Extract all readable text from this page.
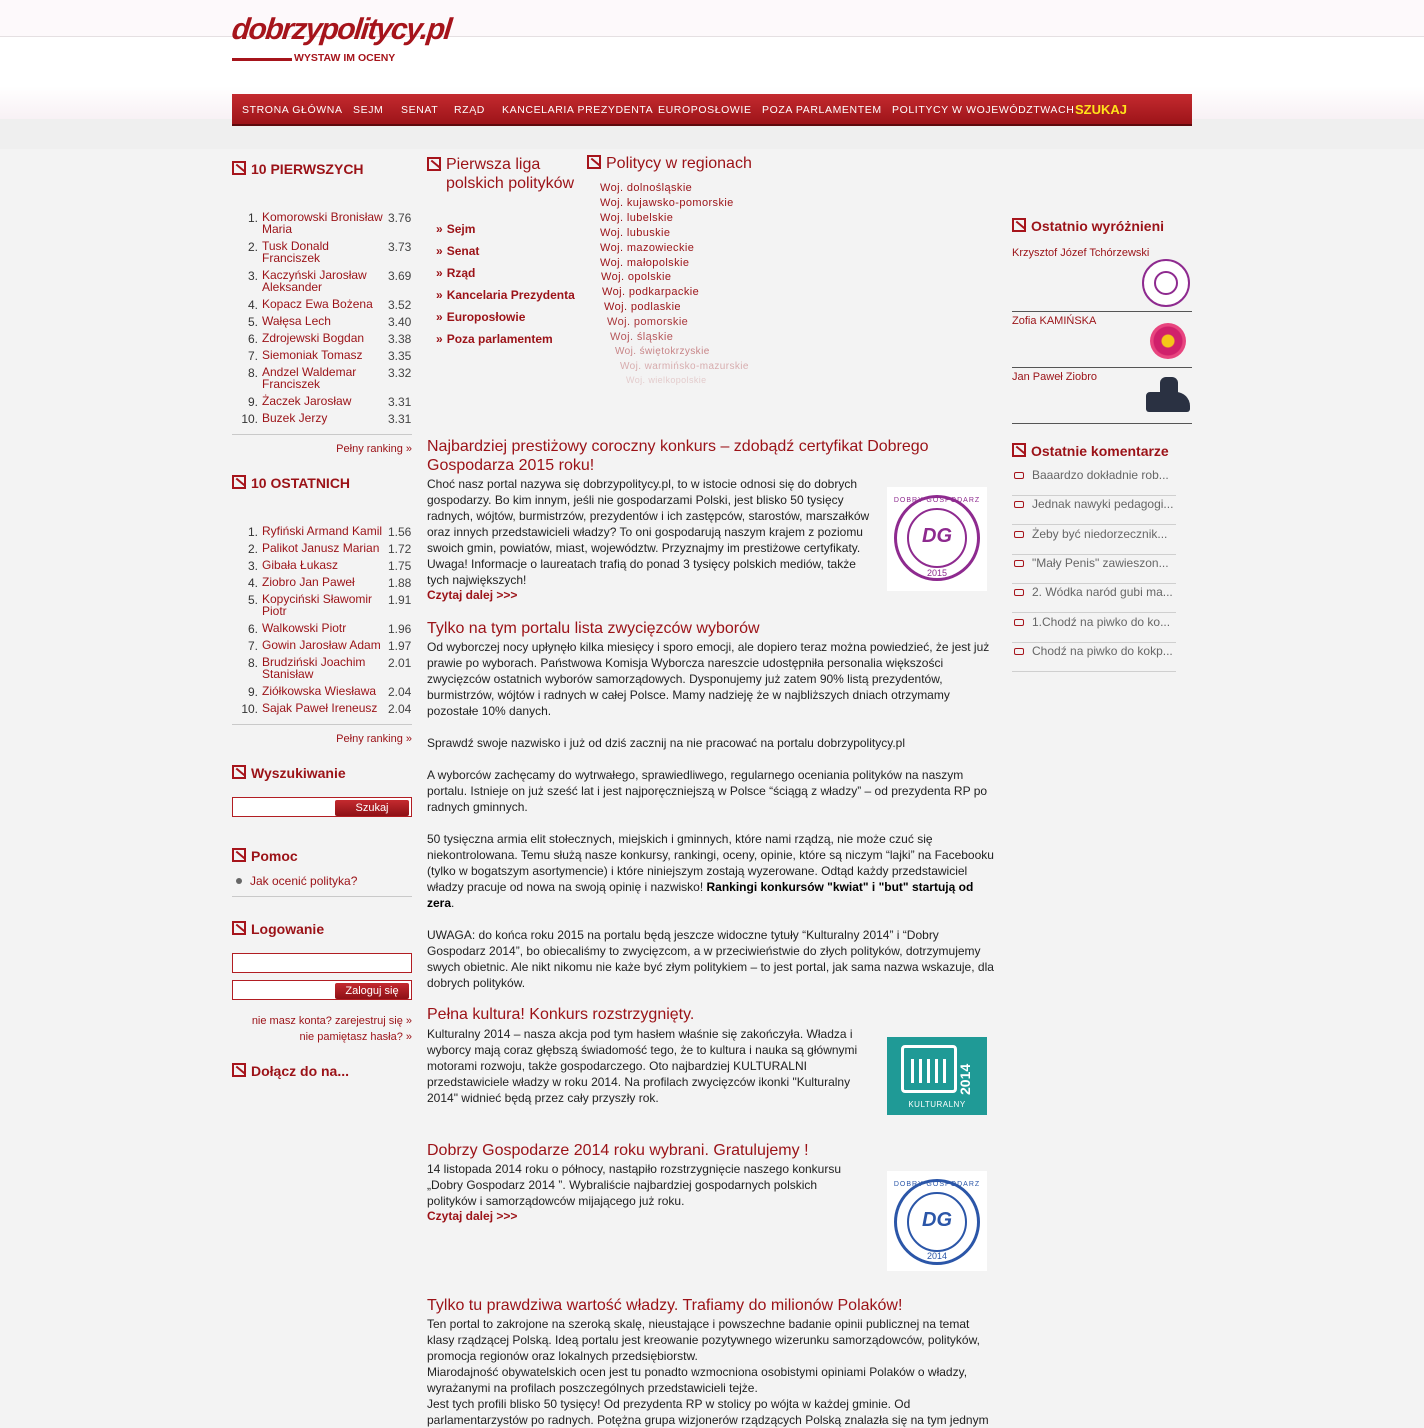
dobrzypolitycy.pl
WYSTAW IM OCENY
STRONA GŁÓWNA SEJM SENAT RZĄD KANCELARIA PREZYDENTA EUROPOSŁOWIE POZA PARLAMENTEM POLITYCY W WOJEWÓDZTWACH SZUKAJ
10 PIERWSZYCH
1. Komorowski Bronisław Maria
3.76
2. Tusk Donald Franciszek
3.73
3. Kaczyński Jarosław Aleksander
3.69
4. Kopacz Ewa Bożena	3.52
5. Wałęsa Lech	3.40
6. Zdrojewski Bogdan	3.38
7. Siemoniak Tomasz	3.35
8. Andzel Waldemar Franciszek
3.32
9. Żaczek Jarosław	3.31
10. Buzek Jerzy	3.31
Pełny ranking »
10 OSTATNICH
1. Ryfiński Armand Kamil 1.56
2. Palikot Janusz Marian 1.72
3. Gibała Łukasz	1.75
4. Ziobro Jan Paweł	1.88
5. Kopyciński Sławomir Piotr
1.91
6. Walkowski Piotr	1.96
7. Gowin Jarosław Adam 1.97
8. Brudziński Joachim Stanisław
2.01
9. Ziółkowska Wiesława 2.04
10. Sajak Paweł Ireneusz 2.04
Pełny ranking »
Wyszukiwanie
Szukaj
Pomoc
Jak ocenić polityka?
Logowanie
Zaloguj się
nie masz konta? zarejestruj się »
nie pamiętasz hasła? »
Dołącz do na...
Pierwsza liga polskich polityków
» Sejm
» Senat
» Rząd
» Kancelaria Prezydenta
» Europosłowie
» Poza parlamentem
Politycy w regionach
Woj. dolnośląskie
Woj. kujawsko-pomorskie
Woj. lubelskie
Woj. lubuskie
Woj. mazowieckie
Woj. małopolskie
Woj. opolskie
Woj. podkarpackie
Woj. podlaskie
Woj. pomorskie
Woj. śląskie
Woj. świętokrzyskie
Woj. warmińsko-mazurskie
Woj. wielkopolskie
Najbardziej prestiżowy coroczny konkurs – zdobądź certyfikat Dobrego Gospodarza 2015 roku!
Choć nasz portal nazywa się dobrzypolitycy.pl, to w istocie odnosi się do dobrych gospodarzy. Bo kim innym, jeśli nie gospodarzami Polski, jest blisko 50 tysięcy radnych, wójtów, burmistrzów, prezydentów i ich zastępców, starostów, marszałków oraz innych przedstawicieli władzy? To oni gospodarują naszym krajem z poziomu swoich gmin, powiatów, miast, województw. Przyznajmy im prestiżowe certyfikaty. Uwaga! Informacje o laureatach trafią do ponad 3 tysięcy polskich mediów, także tych największych!
Czytaj dalej >>>
DG
DOBRY GOSPODARZ
2015
Tylko na tym portalu lista zwycięzców wyborów
Od wyborczej nocy upłynęło kilka miesięcy i sporo emocji, ale dopiero teraz można powiedzieć, że jest już prawie po wyborach. Państwowa Komisja Wyborcza nareszcie udostępniła personalia większości zwycięzców ostatnich wyborów samorządowych. Dysponujemy już zatem 90% listą prezydentów, burmistrzów, wójtów i radnych w całej Polsce. Mamy nadzieję że w najbliższych dniach otrzymamy pozostałe 10% danych.
Sprawdź swoje nazwisko i już od dziś zacznij na nie pracować na portalu dobrzypolitycy.pl
A wyborców zachęcamy do wytrwałego, sprawiedliwego, regularnego oceniania polityków na naszym portalu. Istnieje on już sześć lat i jest najporęczniejszą w Polsce “ściągą z władzy” – od prezydenta RP po radnych gminnych.
50 tysięczna armia elit stołecznych, miejskich i gminnych, które nami rządzą, nie może czuć się niekontrolowana. Temu służą nasze konkursy, rankingi, oceny, opinie, które są niczym “lajki” na Facebooku (tylko w bogatszym asortymencie) i które niniejszym zostają wyzerowane. Odtąd każdy przedstawiciel władzy pracuje od nowa na swoją opinię i nazwisko! Rankingi konkursów "kwiat" i "but" startują od zera.
UWAGA: do końca roku 2015 na portalu będą jeszcze widoczne tytuły “Kulturalny 2014” i “Dobry Gospodarz 2014”, bo obiecaliśmy to zwycięzcom, a w przeciwieństwie do złych polityków, dotrzymujemy swych obietnic. Ale nikt nikomu nie każe być złym politykiem – to jest portal, jak sama nazwa wskazuje, dla dobrych polityków.
Pełna kultura! Konkurs rozstrzygnięty.
Kulturalny 2014 – nasza akcja pod tym hasłem właśnie się zakończyła. Władza i wyborcy mają coraz głębszą świadomość tego, że to kultura i nauka są głównymi motorami rozwoju, także gospodarczego. Oto najbardziej KULTURALNI przedstawiciele władzy w roku 2014. Na profilach zwycięzców ikonki "Kulturalny 2014" widnieć będą przez cały przyszły rok.
2014
KULTURALNY
Dobrzy Gospodarze 2014 roku wybrani. Gratulujemy !
14 listopada 2014 roku o północy, nastąpiło rozstrzygnięcie naszego konkursu „Dobry Gospodarz 2014 ”. Wybraliście najbardziej gospodarnych polskich polityków i samorządowców mijającego już roku.
Czytaj dalej >>>	DG
DOBRY GOSPODARZ
2014
Tylko tu prawdziwa wartość władzy. Trafiamy do milionów Polaków!
Ten portal to zakrojone na szeroką skalę, nieustające i powszechne badanie opinii publicznej na temat klasy rządzącej Polską. Ideą portalu jest kreowanie pozytywnego wizerunku samorządowców, polityków, promocja regionów oraz lokalnych przedsiębiorstw.
Miarodajność obywatelskich ocen jest tu ponadto wzmocniona osobistymi opiniami Polaków o władzy, wyrażanymi na profilach poszczególnych przedstawicieli tejże.
Jest tych profili blisko 50 tysięcy! Od prezydenta RP w stolicy po wójta w każdej gminie. Od parlamentarzystów po radnych. Potężna grupa wizjonerów rządzących Polską znalazła się na tym jednym
Ostatnio wyróżnieni
Krzysztof Józef Tchórzewski
Zofia KAMIŃSKA
Jan Paweł Ziobro
Ostatnie komentarze
Baaardzo dokładnie rob...
Jednak nawyki pedagogi...
Żeby być niedorzecznik...
"Mały Penis" zawieszon...
2. Wódka naród gubi ma...
1.Chodź na piwko do ko...
Chodź na piwko do kokp...
